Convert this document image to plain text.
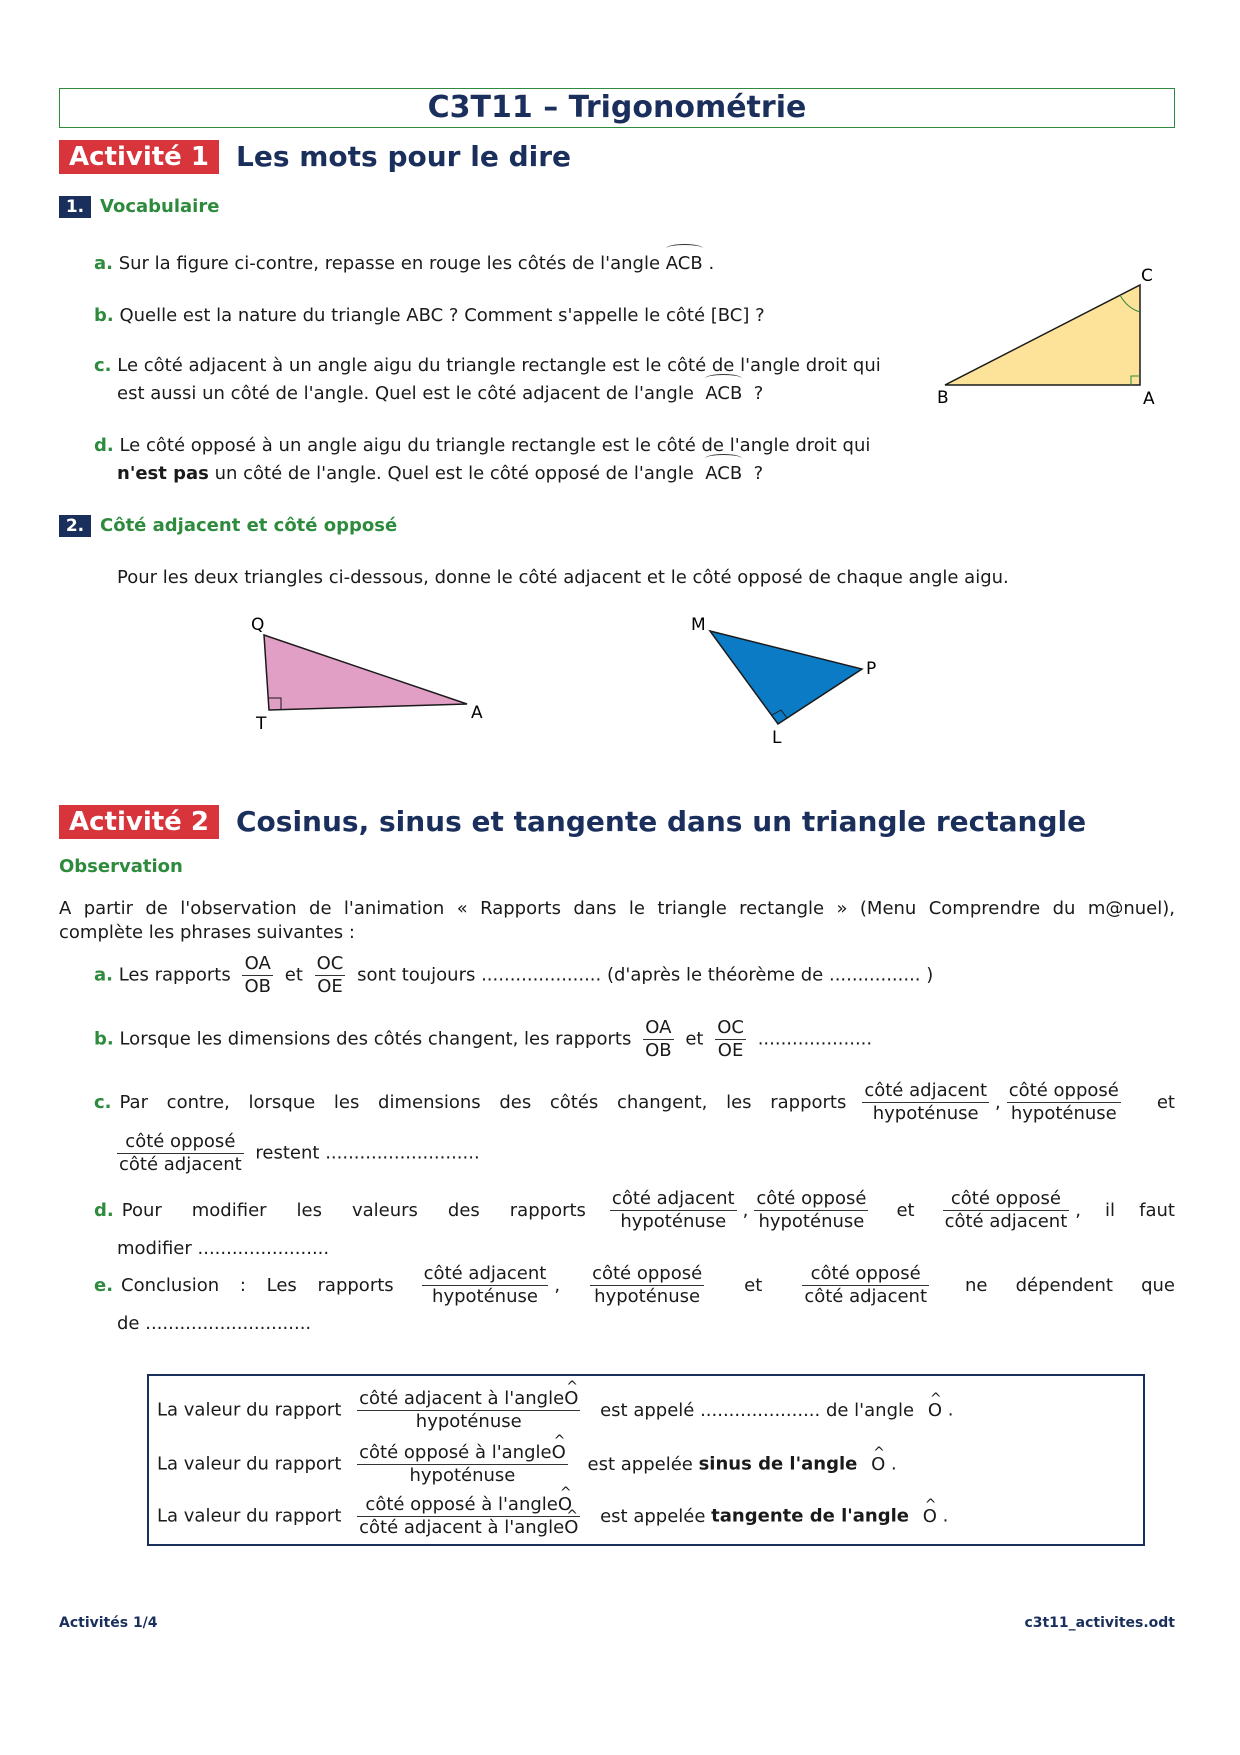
C3T11 – Trigonométrie
Activité 1 Les mots pour le dire
1. Vocabulaire
a. Sur la figure ci-contre, repasse en rouge les côtés de l'angle ACB .
b. Quelle est la nature du triangle ABC ? Comment s'appelle le côté [BC] ?
c. Le côté adjacent à un angle aigu du triangle rectangle est le côté de l'angle droit qui
est aussi un côté de l'angle. Quel est le côté adjacent de l'angle ACB ?
d. Le côté opposé à un angle aigu du triangle rectangle est le côté de l'angle droit qui
n'est pas un côté de l'angle. Quel est le côté opposé de l'angle ACB ?
C
B	A
2. Côté adjacent et côté opposé
Pour les deux triangles ci-dessous, donne le côté adjacent et le côté opposé de chaque angle aigu.
Q
T
A
M
P
L
Activité 2 Cosinus, sinus et tangente dans un triangle rectangle
Observation
A partir de l'observation de l'animation « Rapports dans le triangle rectangle » (Menu Comprendre du m@nuel),
complète les phrases suivantes :
a. Les rapports $\frac{OA}{OB}$ et $\frac{OC}{OE}$ sont toujours ..................... (d'après le théorème de ................ )
b. Lorsque les dimensions des côtés changent, les rapports $\frac{OA}{OB}$ et $\frac{OC}{OE}$ ....................
c. Par contre, lorsque les dimensions des côtés changent, les rapports $\frac{\text{côté adjacent}}{\text{hypoténuse}}$ , $\frac{\text{côté opposé}}{\text{hypoténuse}}$ et
$\frac{\text{côté opposé}}{\text{côté adjacent}}$ restent ...........................
d. Pour modifier les valeurs des rapports $\frac{\text{côté adjacent}}{\text{hypoténuse}}$ , $\frac{\text{côté opposé}}{\text{hypoténuse}}$ et $\frac{\text{côté opposé}}{\text{côté adjacent}}$ , il faut
modifier .......................
e. Conclusion : Les rapports $\frac{\text{côté adjacent}}{\text{hypoténuse}}$ , $\frac{\text{côté opposé}}{\text{hypoténuse}}$ et $\frac{\text{côté opposé}}{\text{côté adjacent}}$ ne dépendent que
de .............................
La valeur du rapport $\frac{\text{côté adjacent à l'angle\textasciicircum{} O}}{\text{hypoténuse}}$ est appelé ..................... de l'angle ^ O .
La valeur du rapport $\frac{\text{côté opposé à l'angle\textasciicircum{} O}}{\text{hypoténuse}}$ est appelée sinus de l'angle ^ O .
La valeur du rapport $\frac{\text{côté opposé à l'angle\textasciicircum{} O}}{\text{côté adjacent à l'angle\textasciicircum{} O}}$ est appelée tangente de l'angle ^ O .
Activités 1/4	c3t11_activites.odt
